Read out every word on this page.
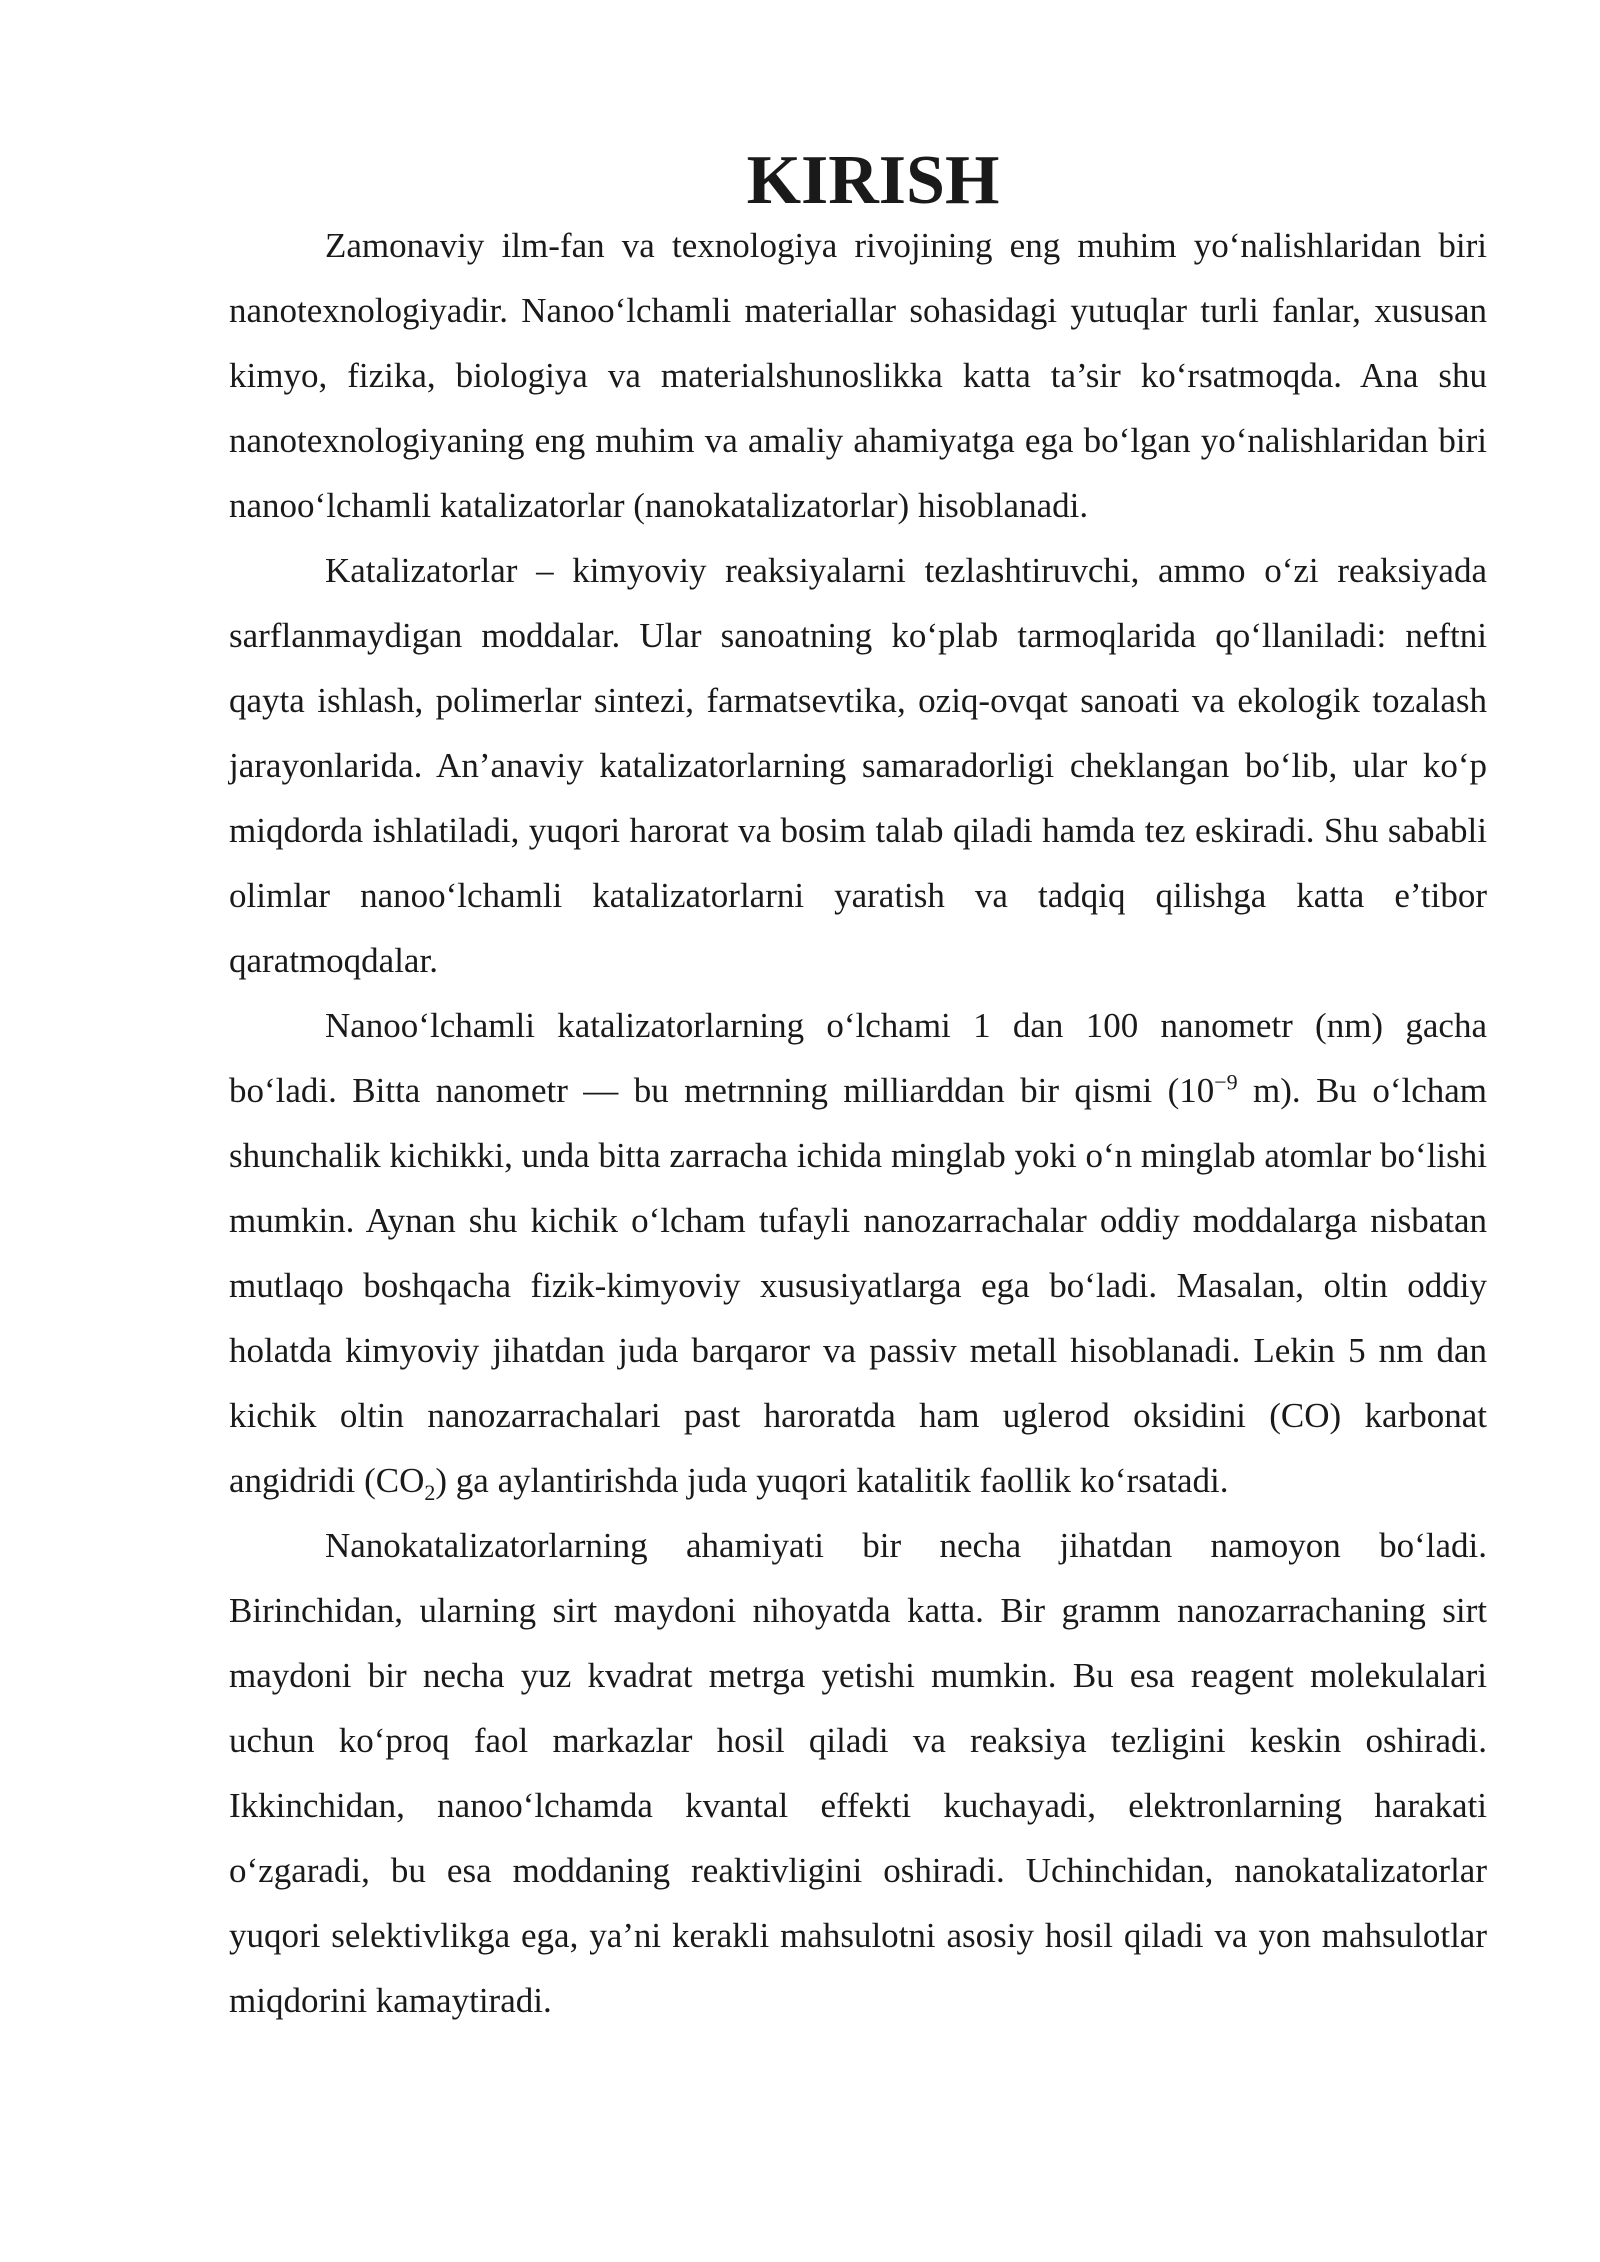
KIRISH

Zamonaviy ilm-fan va texnologiya rivojining eng muhim yo‘nalishlaridan biri nanotexnologiyadir. Nanoo‘lchamli materiallar sohasidagi yutuqlar turli fanlar, xususan kimyo, fizika, biologiya va materialshunoslikka katta ta’sir ko‘rsatmoqda. Ana shu nanotexnologiyaning eng muhim va amaliy ahamiyatga ega bo‘lgan yo‘nalishlaridan biri nanoo‘lchamli katalizatorlar (nanokatalizatorlar) hisoblanadi.

Katalizatorlar – kimyoviy reaksiyalarni tezlashtiruvchi, ammo o‘zi reaksiyada sarflanmaydigan moddalar. Ular sanoatning ko‘plab tarmoqlarida qo‘llaniladi: neftni qayta ishlash, polimerlar sintezi, farmatsevtika, oziq-ovqat sanoati va ekologik tozalash jarayonlarida. An’anaviy katalizatorlarning samaradorligi cheklangan bo‘lib, ular ko‘p miqdorda ishlatiladi, yuqori harorat va bosim talab qiladi hamda tez eskiradi. Shu sababli olimlar nanoo‘lchamli katalizatorlarni yaratish va tadqiq qilishga katta e’tibor qaratmoqdalar.

Nanoo‘lchamli katalizatorlarning o‘lchami 1 dan 100 nanometr (nm) gacha bo‘ladi. Bitta nanometr — bu metrnning milliarddan bir qismi ($10^{-9}$ m). Bu o‘lcham shunchalik kichikki, unda bitta zarracha ichida minglab yoki o‘n minglab atomlar bo‘lishi mumkin. Aynan shu kichik o‘lcham tufayli nanozarrachalar oddiy moddalarga nisbatan mutlaqo boshqacha fizik-kimyoviy xususiyatlarga ega bo‘ladi. Masalan, oltin oddiy holatda kimyoviy jihatdan juda barqaror va passiv metall hisoblanadi. Lekin 5 nm dan kichik oltin nanozarrachalari past haroratda ham uglerod oksidini (CO) karbonat angidridi $(CO_2)$ ga aylantirishda juda yuqori katalitik faollik ko‘rsatadi.

Nanokatalizatorlarning ahamiyati bir necha jihatdan namoyon bo‘ladi. Birinchidan, ularning sirt maydoni nihoyatda katta. Bir gramm nanozarrachaning sirt maydoni bir necha yuz kvadrat metrga yetishi mumkin. Bu esa reagent molekulalari uchun ko‘proq faol markazlar hosil qiladi va reaksiya tezligini keskin oshiradi. Ikkinchidan, nanoo‘lchamda kvantal effekti kuchayadi, elektronlarning harakati o‘zgaradi, bu esa moddaning reaktivligini oshiradi. Uchinchidan, nanokatalizatorlar yuqori selektivlikga ega, ya’ni kerakli mahsulotni asosiy hosil qiladi va yon mahsulotlar miqdorini kamaytiradi.
